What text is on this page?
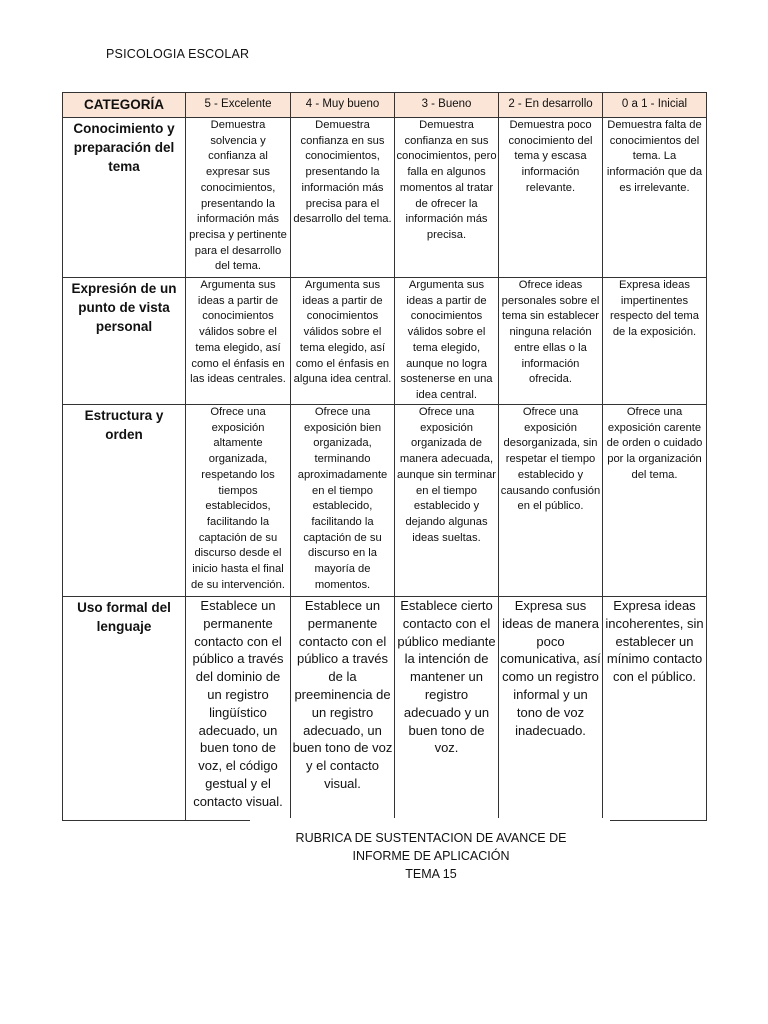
PSICOLOGIA ESCOLAR
CATEGORÍA	5 - Excelente	4 - Muy bueno	3 - Bueno	2 - En desarrollo	0 a 1 - Inicial
Conocimiento y preparación del tema	Demuestra solvencia y confianza al expresar sus conocimientos, presentando la información más precisa y pertinente para el desarrollo del tema.	Demuestra confianza en sus conocimientos, presentando la información más precisa para el desarrollo del tema.	Demuestra confianza en sus conocimientos, pero falla en algunos momentos al tratar de ofrecer la información más precisa.	Demuestra poco conocimiento del tema y escasa información relevante.	Demuestra falta de conocimientos del tema. La información que da es irrelevante.
Expresión de un punto de vista personal	Argumenta sus ideas a partir de conocimientos válidos sobre el tema elegido, así como el énfasis en las ideas centrales.	Argumenta sus ideas a partir de conocimientos válidos sobre el tema elegido, así como el énfasis en alguna idea central.	Argumenta sus ideas a partir de conocimientos válidos sobre el tema elegido, aunque no logra sostenerse en una idea central.	Ofrece ideas personales sobre el tema sin establecer ninguna relación entre ellas o la información ofrecida.	Expresa ideas impertinentes respecto del tema de la exposición.
Estructura y orden	Ofrece una exposición altamente organizada, respetando los tiempos establecidos, facilitando la captación de su discurso desde el inicio hasta el final de su intervención.	Ofrece una exposición bien organizada, terminando aproximadamente en el tiempo establecido, facilitando la captación de su discurso en la mayoría de momentos.	Ofrece una exposición organizada de manera adecuada, aunque sin terminar en el tiempo establecido y dejando algunas ideas sueltas.	Ofrece una exposición desorganizada, sin respetar el tiempo establecido y causando confusión en el público.	Ofrece una exposición carente de orden o cuidado por la organización del tema.
Uso formal del lenguaje	Establece un permanente contacto con el público a través del dominio de un registro lingüístico adecuado, un buen tono de voz, el código gestual y el contacto visual.	Establece un permanente contacto con el público a través de la preeminencia de un registro adecuado, un buen tono de voz y el contacto visual.	Establece cierto contacto con el público mediante la intención de mantener un registro adecuado y un buen tono de voz.	Expresa sus ideas de manera poco comunicativa, así como un registro informal y un tono de voz inadecuado.	Expresa ideas incoherentes, sin establecer un mínimo contacto con el público.
RUBRICA DE SUSTENTACION DE AVANCE DE
INFORME DE APLICACIÓN
TEMA 15
